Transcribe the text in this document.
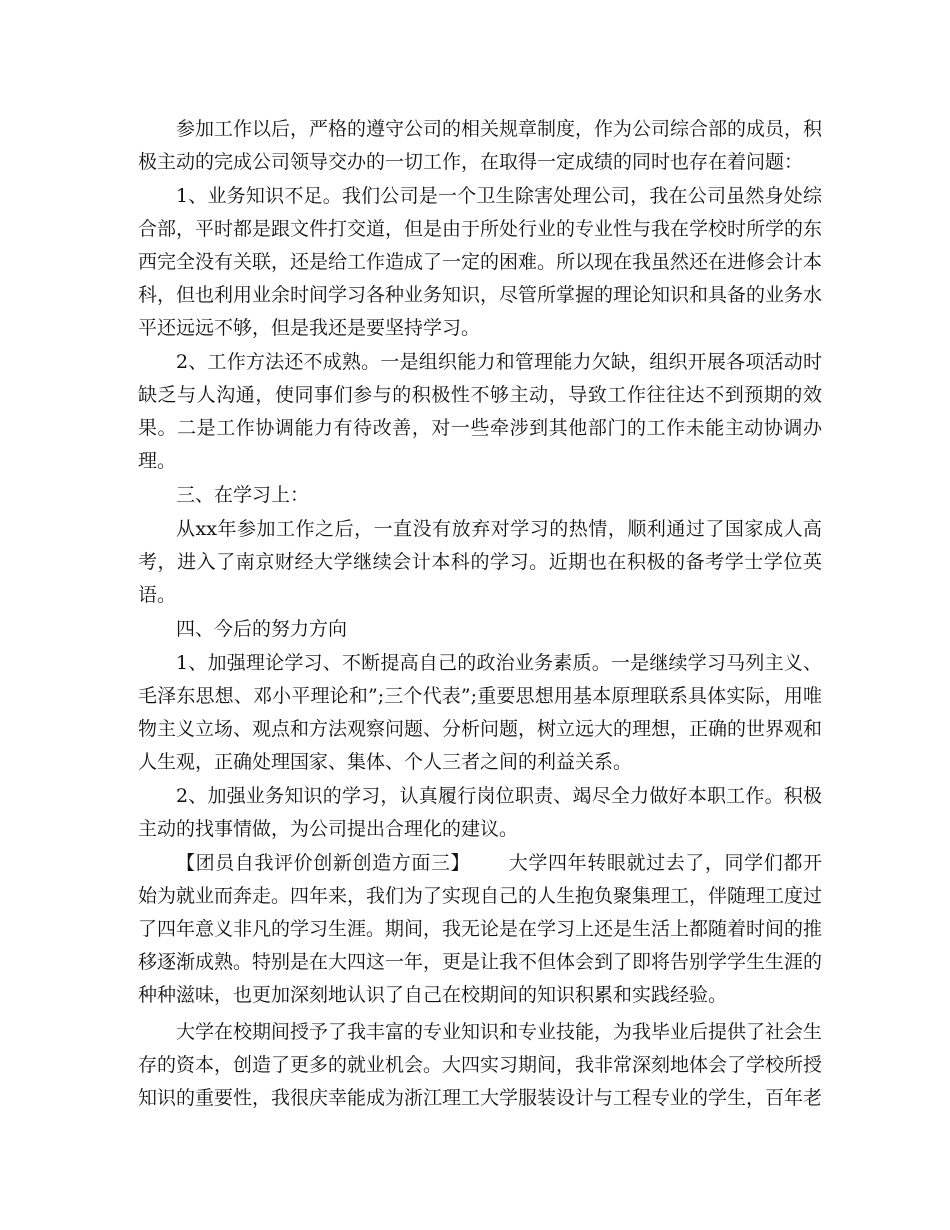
参加工作以后，严格的遵守公司的相关规章制度，作为公司综合部的成员，积极主动的完成公司领导交办的一切工作，在取得一定成绩的同时也存在着问题：

1、业务知识不足。我们公司是一个卫生除害处理公司，我在公司虽然身处综合部，平时都是跟文件打交道，但是由于所处行业的专业性与我在学校时所学的东西完全没有关联，还是给工作造成了一定的困难。所以现在我虽然还在进修会计本科，但也利用业余时间学习各种业务知识，尽管所掌握的理论知识和具备的业务水平还远远不够，但是我还是要坚持学习。

2、工作方法还不成熟。一是组织能力和管理能力欠缺，组织开展各项活动时缺乏与人沟通，使同事们参与的积极性不够主动，导致工作往往达不到预期的效果。二是工作协调能力有待改善，对一些牵涉到其他部门的工作未能主动协调办理。

三、在学习上：

从xx年参加工作之后，一直没有放弃对学习的热情，顺利通过了国家成人高考，进入了南京财经大学继续会计本科的学习。近期也在积极的备考学士学位英语。

四、今后的努力方向

1、加强理论学习、不断提高自己的政治业务素质。一是继续学习马列主义、毛泽东思想、邓小平理论和”;三个代表”;重要思想用基本原理联系具体实际，用唯物主义立场、观点和方法观察问题、分析问题，树立远大的理想，正确的世界观和人生观，正确处理国家、集体、个人三者之间的利益关系。

2、加强业务知识的学习，认真履行岗位职责、竭尽全力做好本职工作。积极主动的找事情做，为公司提出合理化的建议。

【团员自我评价创新创造方面三】 大学四年转眼就过去了，同学们都开始为就业而奔走。四年来，我们为了实现自己的人生抱负聚集理工，伴随理工度过了四年意义非凡的学习生涯。期间，我无论是在学习上还是生活上都随着时间的推移逐渐成熟。特别是在大四这一年，更是让我不但体会到了即将告别学学生生涯的种种滋味，也更加深刻地认识了自己在校期间的知识积累和实践经验。

大学在校期间授予了我丰富的专业知识和专业技能，为我毕业后提供了社会生存的资本，创造了更多的就业机会。大四实习期间，我非常深刻地体会了学校所授知识的重要性，我很庆幸能成为浙江理工大学服装设计与工程专业的学生，百年老
